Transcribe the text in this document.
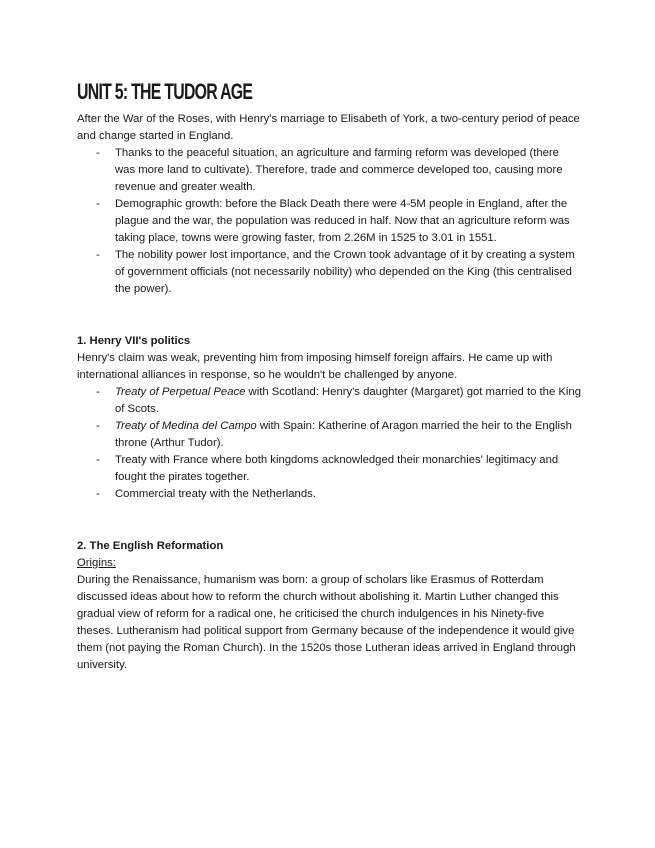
UNIT 5: THE TUDOR AGE

After the War of the Roses, with Henry's marriage to Elisabeth of York, a two-century period of peace and change started in England.

- Thanks to the peaceful situation, an agriculture and farming reform was developed (there was more land to cultivate). Therefore, trade and commerce developed too, causing more revenue and greater wealth.
- Demographic growth: before the Black Death there were 4-5M people in England, after the plague and the war, the population was reduced in half. Now that an agriculture reform was taking place, towns were growing faster, from 2.26M in 1525 to 3.01 in 1551.
- The nobility power lost importance, and the Crown took advantage of it by creating a system of government officials (not necessarily nobility) who depended on the King (this centralised the power).

1. Henry VII's politics

Henry's claim was weak, preventing him from imposing himself foreign affairs. He came up with international alliances in response, so he wouldn't be challenged by anyone.

- Treaty of Perpetual Peace with Scotland: Henry's daughter (Margaret) got married to the King of Scots.
- Treaty of Medina del Campo with Spain: Katherine of Aragon married the heir to the English throne (Arthur Tudor).
- Treaty with France where both kingdoms acknowledged their monarchies' legitimacy and fought the pirates together.
- Commercial treaty with the Netherlands.

2. The English Reformation

Origins:

During the Renaissance, humanism was born: a group of scholars like Erasmus of Rotterdam discussed ideas about how to reform the church without abolishing it. Martin Luther changed this gradual view of reform for a radical one, he criticised the church indulgences in his Ninety-five theses. Lutheranism had political support from Germany because of the independence it would give them (not paying the Roman Church). In the 1520s those Lutheran ideas arrived in England through university.
